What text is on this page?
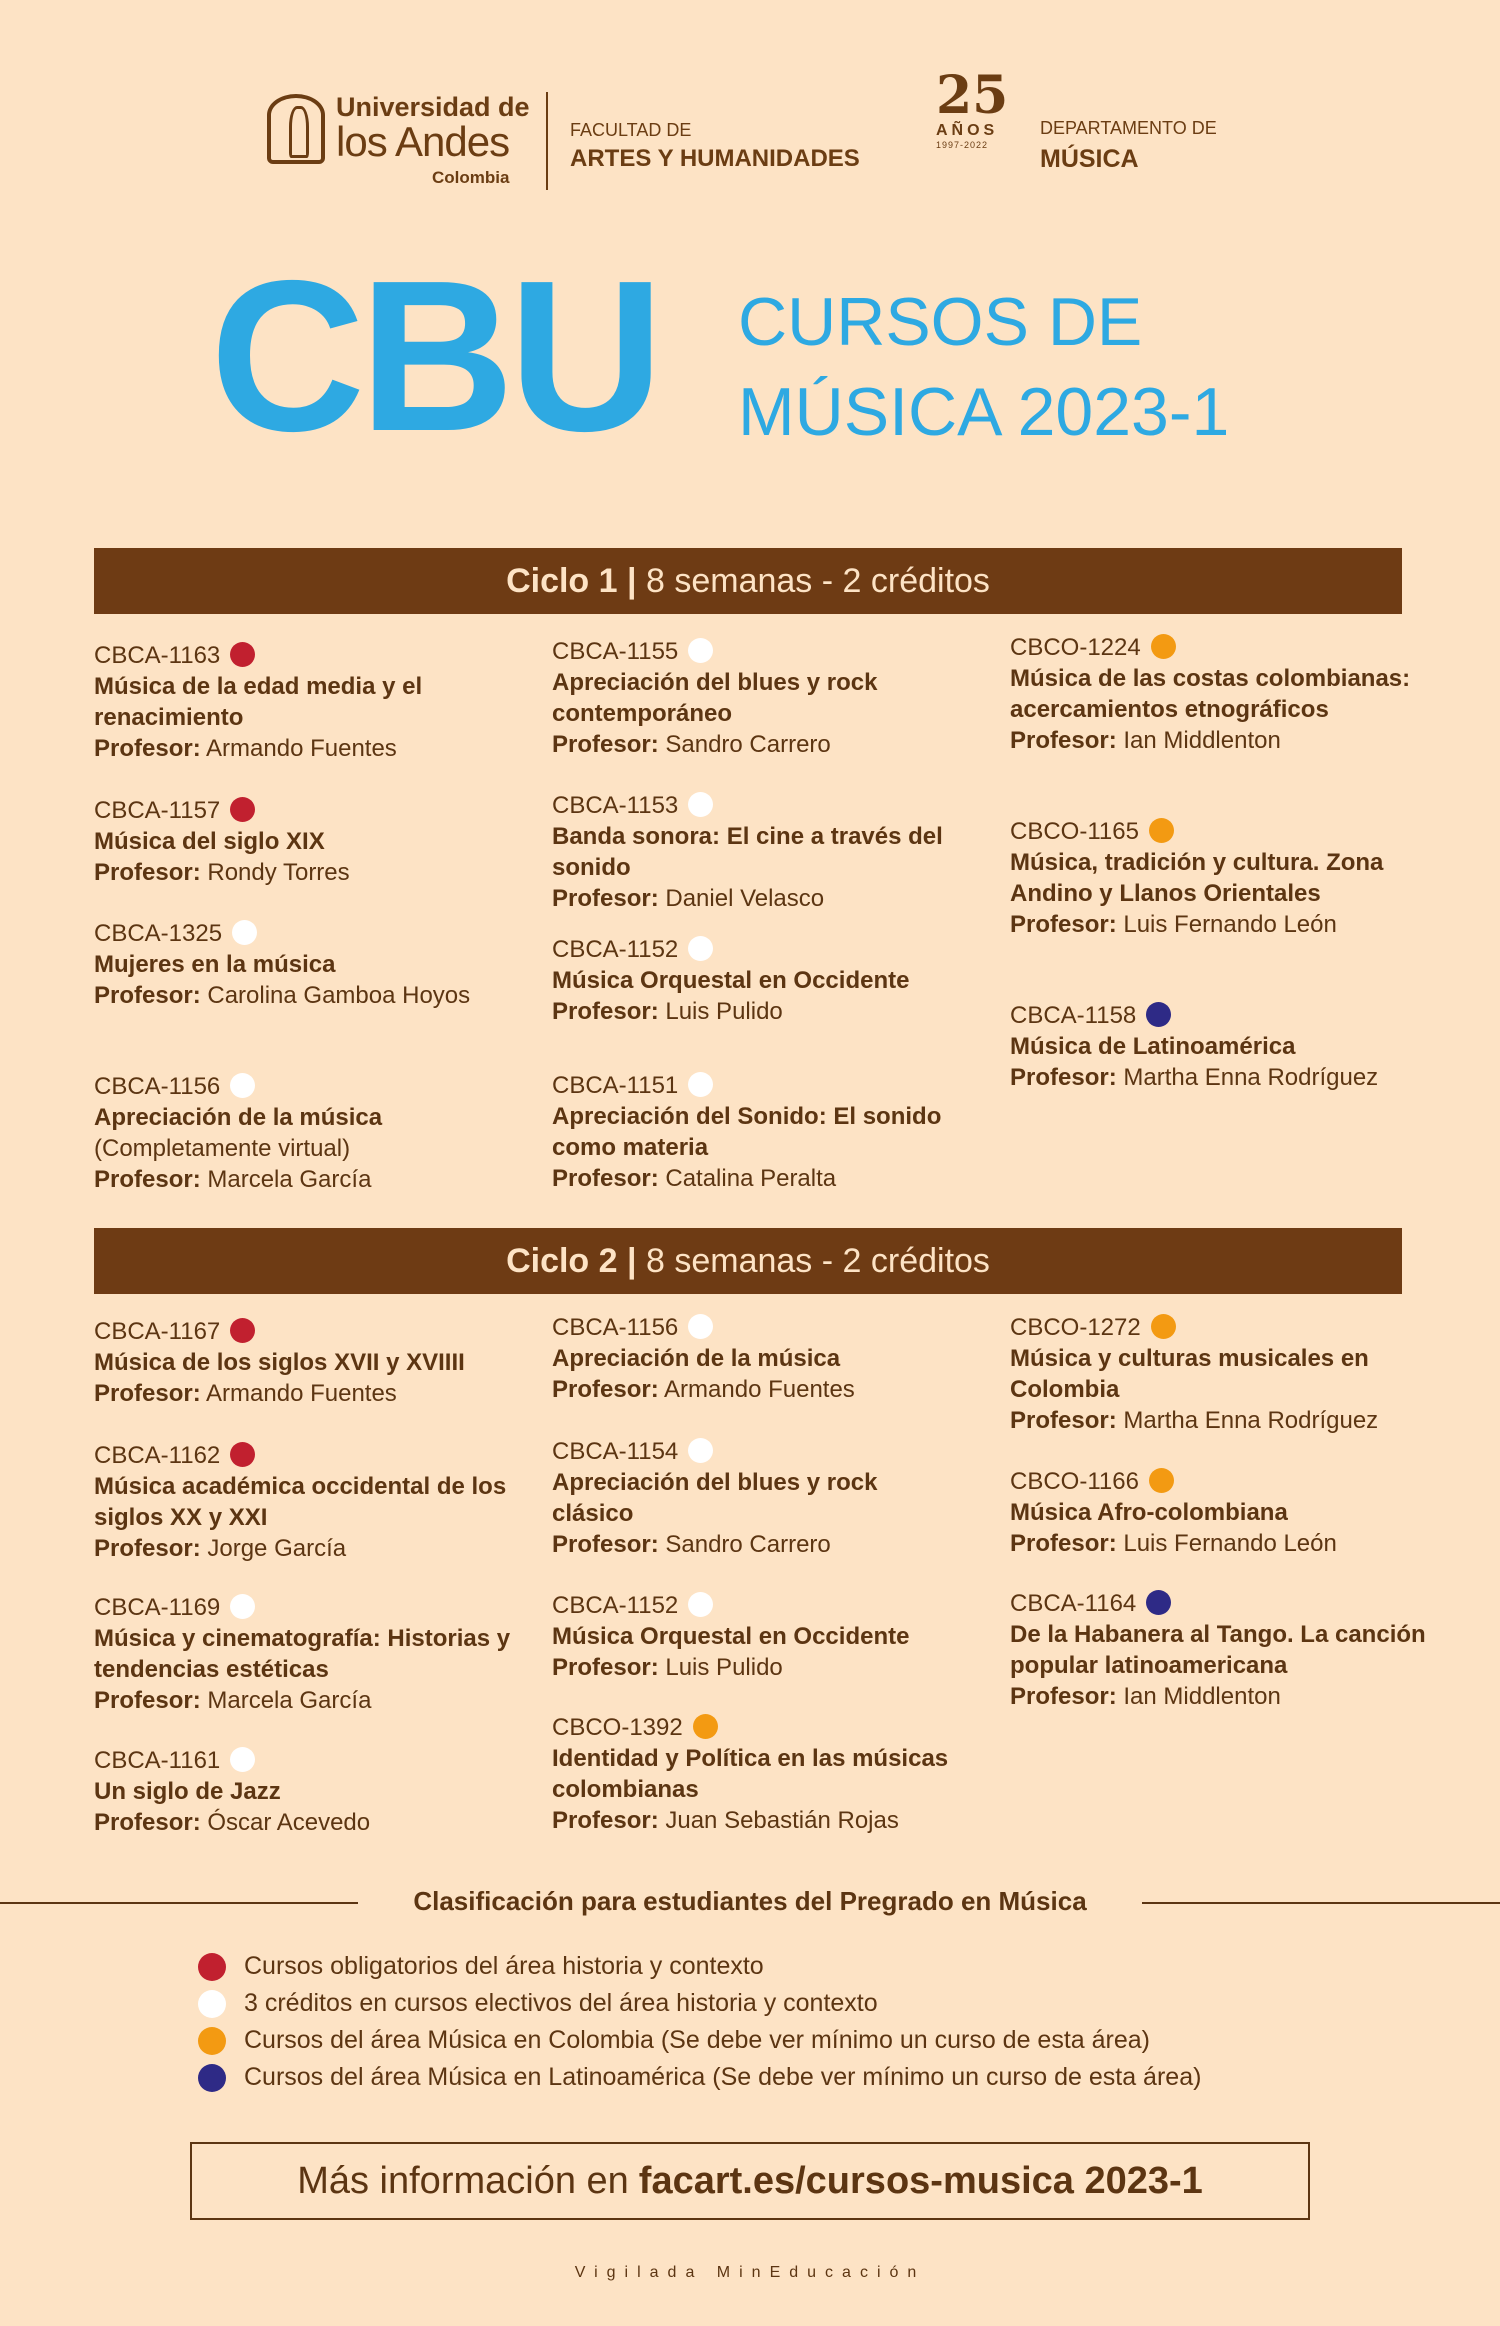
Universidad de
los Andes
Colombia
FACULTAD DE
ARTES Y HUMANIDADES
25
AÑOS
1997-2022
DEPARTAMENTO DE
MÚSICA
CBU CURSOS DE
MÚSICA 2023-1
Ciclo 1
|
8 semanas - 2 créditos
CBCA-1163
Música de la edad media y el renacimiento
Profesor: Armando Fuentes
CBCA-1157
Música del siglo XIX
Profesor: Rondy Torres
CBCA-1325
Mujeres en la música
Profesor: Carolina Gamboa Hoyos
CBCA-1156
Apreciación de la música
(Completamente virtual)
Profesor: Marcela García
CBCA-1155
Apreciación del blues y rock contemporáneo
Profesor: Sandro Carrero
CBCA-1153
Banda sonora: El cine a través del sonido
Profesor: Daniel Velasco
CBCA-1152
Música Orquestal en Occidente
Profesor: Luis Pulido
CBCA-1151
Apreciación del Sonido: El sonido como materia
Profesor: Catalina Peralta
CBCO-1224
Música de las costas colombianas: acercamientos etnográficos
Profesor: Ian Middlenton
CBCO-1165
Música, tradición y cultura. Zona Andino y Llanos Orientales
Profesor: Luis Fernando León
CBCA-1158
Música de Latinoamérica
Profesor: Martha Enna Rodríguez
Ciclo 2
|
8 semanas - 2 créditos
CBCA-1167
Música de los siglos XVII y XVIIII
Profesor: Armando Fuentes
CBCA-1162
Música académica occidental de los siglos XX y XXI
Profesor: Jorge García
CBCA-1169
Música y cinematografía: Historias y tendencias estéticas
Profesor: Marcela García
CBCA-1161
Un siglo de Jazz
Profesor: Óscar Acevedo
CBCA-1156
Apreciación de la música
Profesor: Armando Fuentes
CBCA-1154
Apreciación del blues y rock clásico
Profesor: Sandro Carrero
CBCA-1152
Música Orquestal en Occidente
Profesor: Luis Pulido
CBCO-1392
Identidad y Política en las músicas colombianas
Profesor: Juan Sebastián Rojas
CBCO-1272
Música y culturas musicales en Colombia
Profesor: Martha Enna Rodríguez
CBCO-1166
Música Afro-colombiana
Profesor: Luis Fernando León
CBCA-1164
De la Habanera al Tango. La canción popular latinoamericana
Profesor: Ian Middlenton
Clasificación para estudiantes del Pregrado en Música
Cursos obligatorios del área historia y contexto
3 créditos en cursos electivos del área historia y contexto
Cursos del área Música en Colombia (Se debe ver mínimo un curso de esta área)
Cursos del área Música en Latinoamérica (Se debe ver mínimo un curso de esta área)
Más información en facart.es/cursos-musica 2023-1
Vigilada MinEducación
